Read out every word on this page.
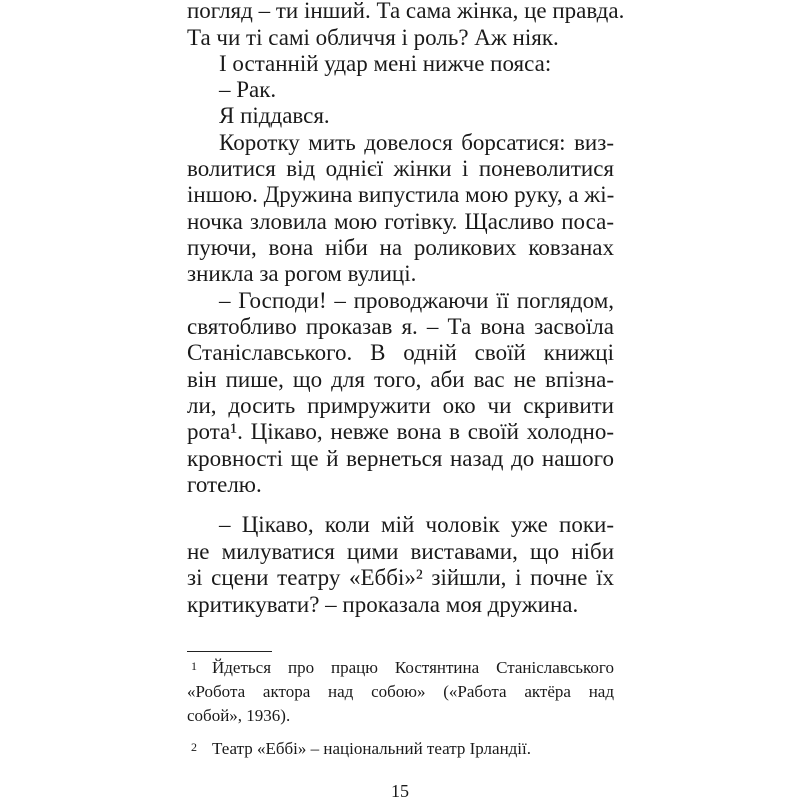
погляд – ти інший. Та сама жінка, це правда.
Та чи ті самі обличчя і роль? Аж ніяк.
І останній удар мені нижче пояса:
– Рак.
Я піддався.
Коротку мить довелося борсатися: виз-
волитися від однієї жінки і поневолитися
іншою. Дружина випустила мою руку, а жі-
ночка зловила мою готівку. Щасливо поса-
пуючи, вона ніби на роликових ковзанах
зникла за рогом вулиці.
– Господи! – проводжаючи її поглядом,
святобливо проказав я. – Та вона засвоїла
Станіславського. В одній своїй книжці
він пише, що для того, аби вас не впізна-
ли, досить примружити око чи скривити
рота¹. Цікаво, невже вона в своїй холодно-
кровності ще й вернеться назад до нашого
готелю.
– Цікаво, коли мій чоловік уже поки-
не милуватися цими виставами, що ніби
зі сцени театру «Еббі»² зійшли, і почне їх
критикувати? – проказала моя дружина.
1 Йдеться про працю Костянтина Станіславського
«Робота актора над собою» («Работа актёра над
собой», 1936).
2 Театр «Еббі» – національний театр Ірландії.
15
